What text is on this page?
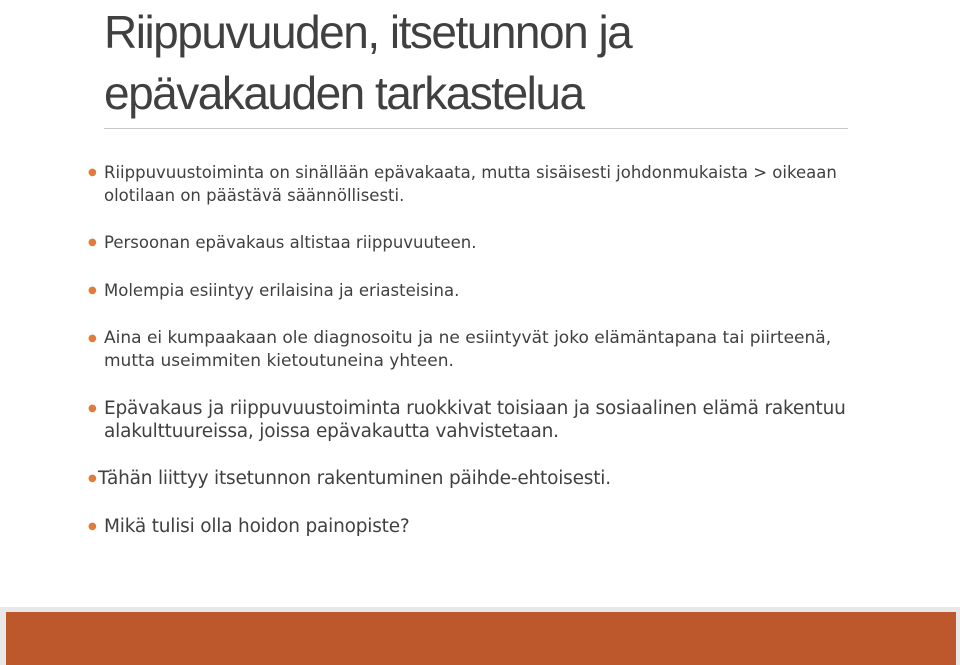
Riippuvuuden, itsetunnon ja
epävakauden tarkastelua
● Riippuvuustoiminta on sinällään epävakaata, mutta sisäisesti johdonmukaista > oikeaan olotilaan on päästävä säännöllisesti.
● Persoonan epävakaus altistaa riippuvuuteen.
● Molempia esiintyy erilaisina ja eriasteisina.
● Aina ei kumpaakaan ole diagnosoitu ja ne esiintyvät joko elämäntapana tai piirteenä, mutta useimmiten kietoutuneina yhteen.
● Epävakaus ja riippuvuustoiminta ruokkivat toisiaan ja sosiaalinen elämä rakentuu alakulttuureissa, joissa epävakautta vahvistetaan.
● Tähän liittyy itsetunnon rakentuminen päihde-ehtoisesti.
● Mikä tulisi olla hoidon painopiste?
